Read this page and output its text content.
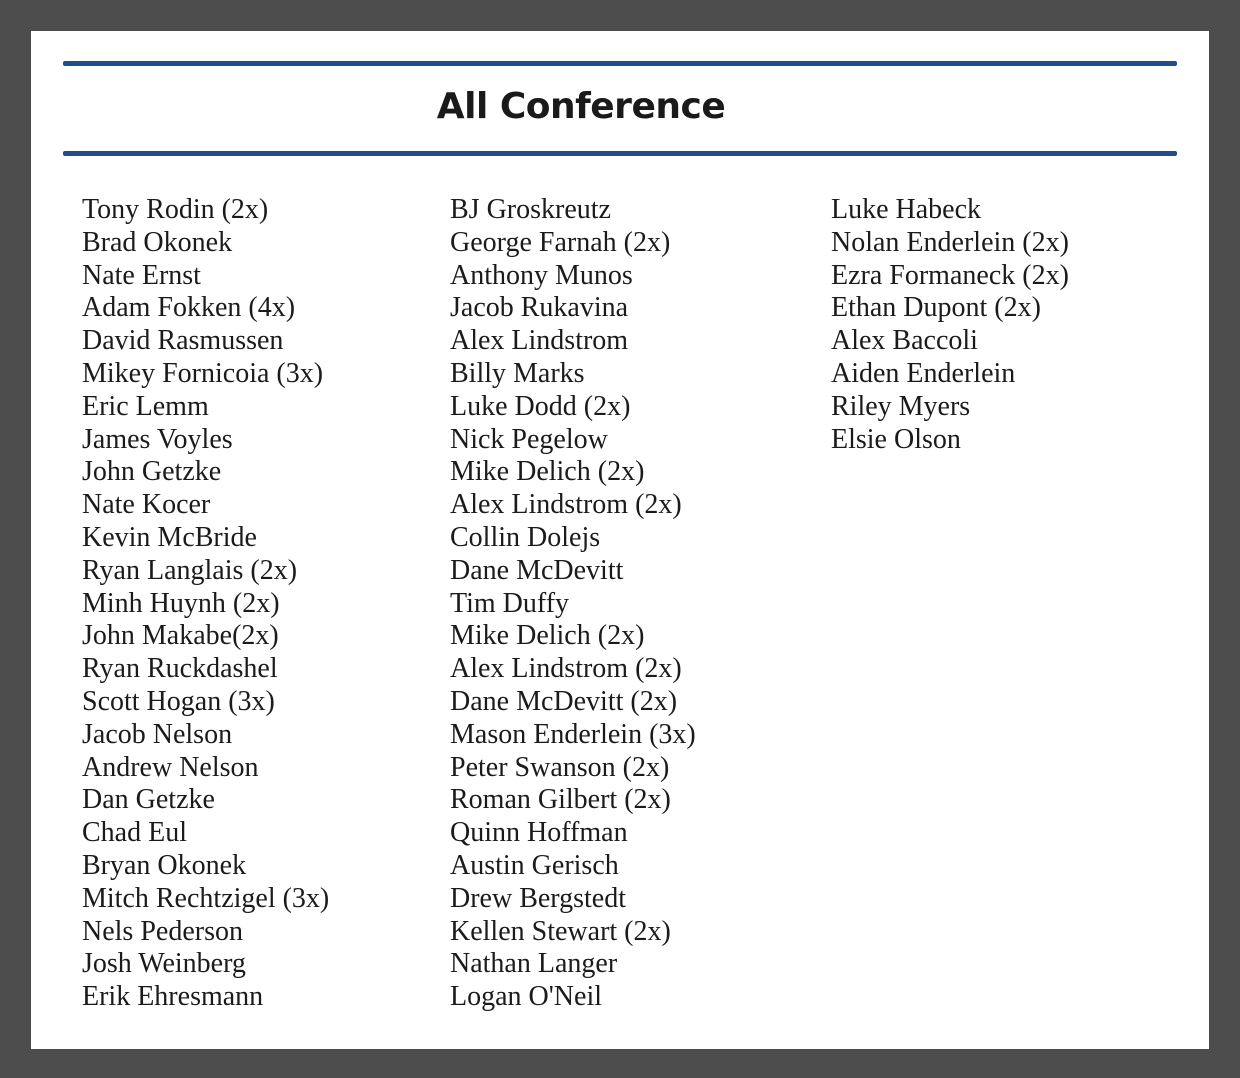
All Conference
Tony Rodin (2x)
Brad Okonek
Nate Ernst
Adam Fokken (4x)
David Rasmussen
Mikey Fornicoia (3x)
Eric Lemm
James Voyles
John Getzke
Nate Kocer
Kevin McBride
Ryan Langlais (2x)
Minh Huynh (2x)
John Makabe(2x)
Ryan Ruckdashel
Scott Hogan (3x)
Jacob Nelson
Andrew Nelson
Dan Getzke
Chad Eul
Bryan Okonek
Mitch Rechtzigel (3x)
Nels Pederson
Josh Weinberg
Erik Ehresmann
BJ Groskreutz
George Farnah (2x)
Anthony Munos
Jacob Rukavina
Alex Lindstrom
Billy Marks
Luke Dodd (2x)
Nick Pegelow
Mike Delich (2x)
Alex Lindstrom (2x)
Collin Dolejs
Dane McDevitt
Tim Duffy
Mike Delich (2x)
Alex Lindstrom (2x)
Dane McDevitt (2x)
Mason Enderlein (3x)
Peter Swanson (2x)
Roman Gilbert (2x)
Quinn Hoffman
Austin Gerisch
Drew Bergstedt
Kellen Stewart (2x)
Nathan Langer
Logan O'Neil
Luke Habeck
Nolan Enderlein (2x)
Ezra Formaneck (2x)
Ethan Dupont (2x)
Alex Baccoli
Aiden Enderlein
Riley Myers
Elsie Olson
